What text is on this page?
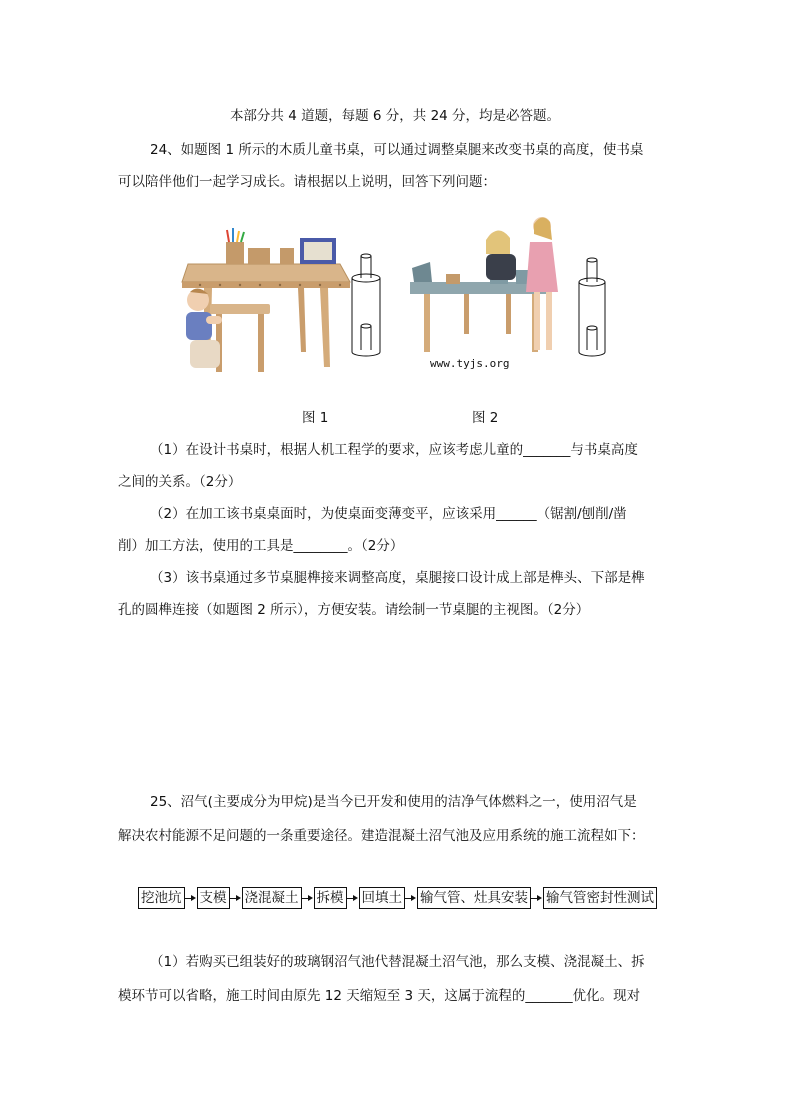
本部分共 4 道题，每题 6 分，共 24 分，均是必答题。
24、如题图 1 所示的木质儿童书桌，可以通过调整桌腿来改变书桌的高度，使书桌
可以陪伴他们一起学习成长。请根据以上说明，回答下列问题：
www.tyjs.org
图 1	图 2
（1）在设计书桌时，根据人机工程学的要求，应该考虑儿童的_______与书桌高度
之间的关系。（2分）
（2）在加工该书桌桌面时，为使桌面变薄变平，应该采用______（锯割/刨削/凿
削）加工方法，使用的工具是________。（2分）
（3）该书桌通过多节桌腿榫接来调整高度，桌腿接口设计成上部是榫头、下部是榫
孔的圆榫连接（如题图 2 所示），方便安装。请绘制一节桌腿的主视图。（2分）
25、沼气(主要成分为甲烷)是当今已开发和使用的洁净气体燃料之一，使用沼气是
解决农村能源不足问题的一条重要途径。建造混凝土沼气池及应用系统的施工流程如下：
挖池坑 支模 浇混凝土 拆模 回填土 输气管、灶具安装 输气管密封性测试
（1）若购买已组装好的玻璃钢沼气池代替混凝土沼气池，那么支模、浇混凝土、拆
模环节可以省略，施工时间由原先 12 天缩短至 3 天，这属于流程的_______优化。现对
